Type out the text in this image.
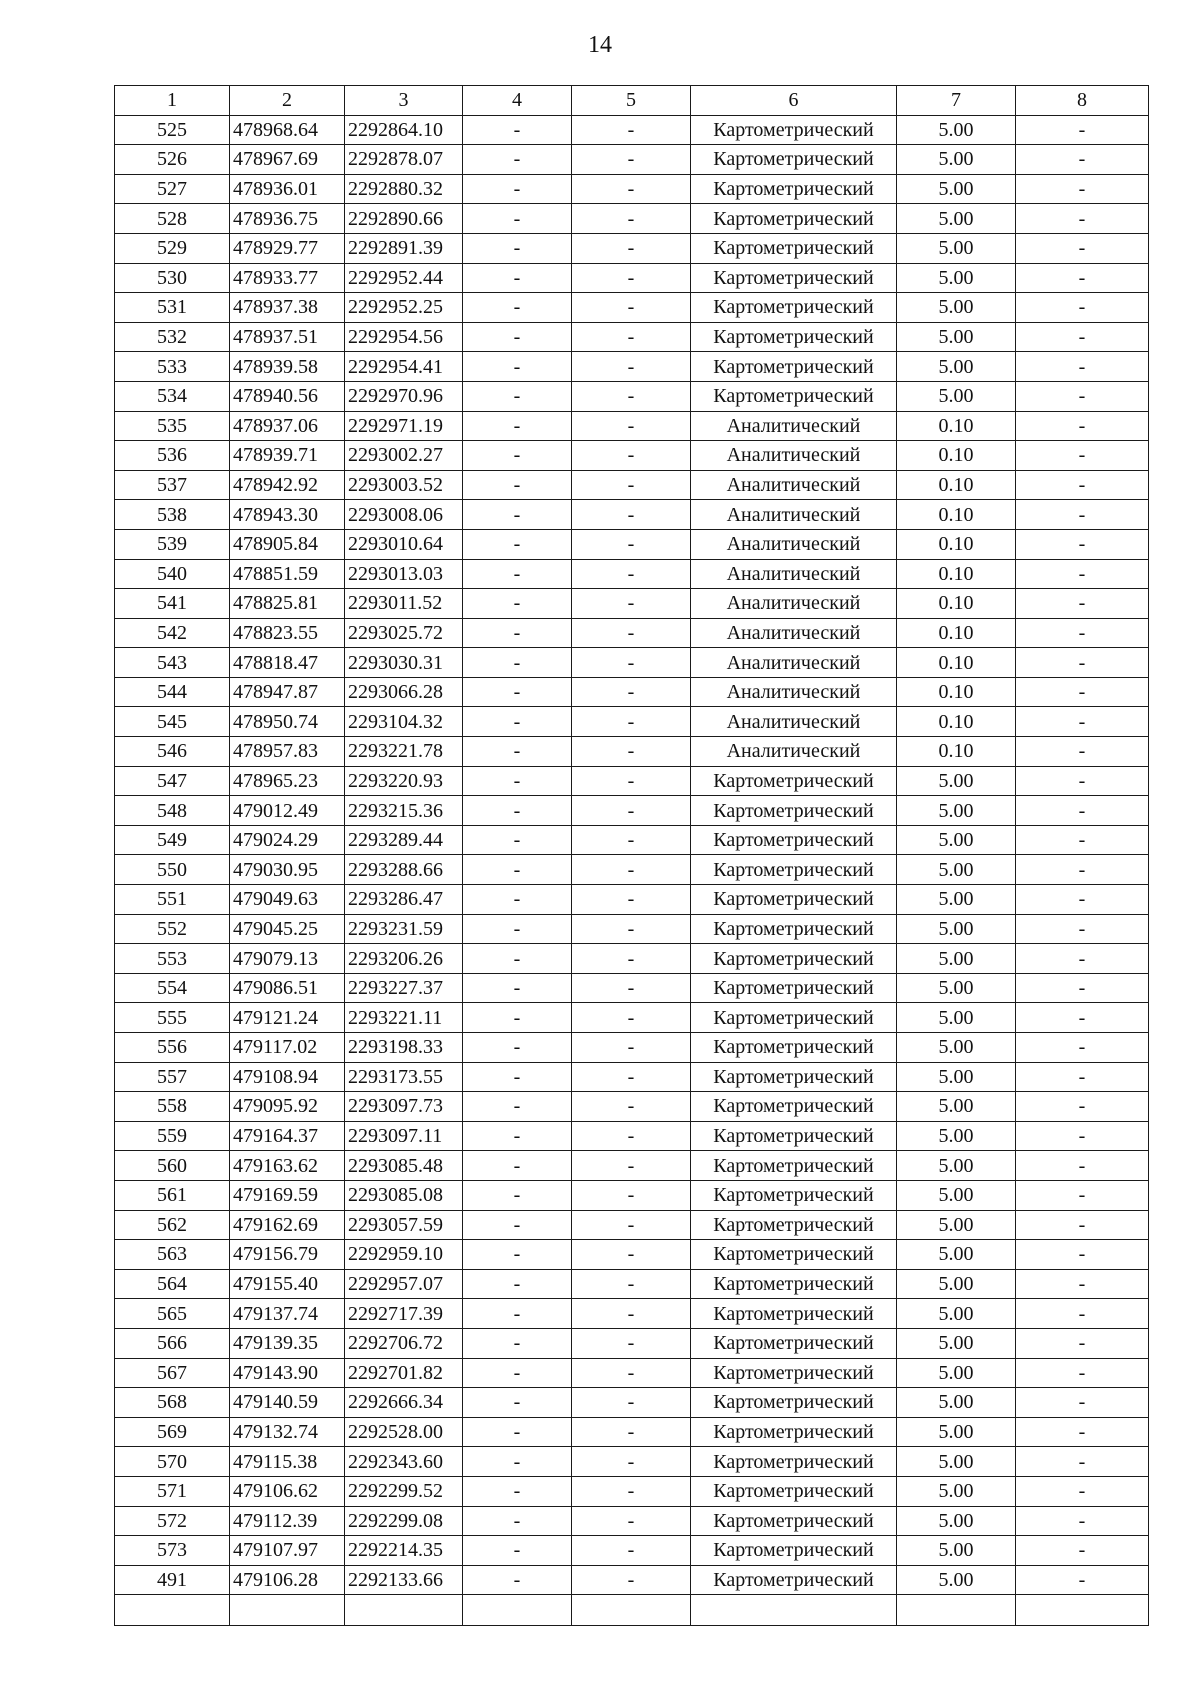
14
1	2	3	4	5	6	7	8
525	478968.64	2292864.10	-	-	Картометрический	5.00	-
526	478967.69	2292878.07	-	-	Картометрический	5.00	-
527	478936.01	2292880.32	-	-	Картометрический	5.00	-
528	478936.75	2292890.66	-	-	Картометрический	5.00	-
529	478929.77	2292891.39	-	-	Картометрический	5.00	-
530	478933.77	2292952.44	-	-	Картометрический	5.00	-
531	478937.38	2292952.25	-	-	Картометрический	5.00	-
532	478937.51	2292954.56	-	-	Картометрический	5.00	-
533	478939.58	2292954.41	-	-	Картометрический	5.00	-
534	478940.56	2292970.96	-	-	Картометрический	5.00	-
535	478937.06	2292971.19	-	-	Аналитический	0.10	-
536	478939.71	2293002.27	-	-	Аналитический	0.10	-
537	478942.92	2293003.52	-	-	Аналитический	0.10	-
538	478943.30	2293008.06	-	-	Аналитический	0.10	-
539	478905.84	2293010.64	-	-	Аналитический	0.10	-
540	478851.59	2293013.03	-	-	Аналитический	0.10	-
541	478825.81	2293011.52	-	-	Аналитический	0.10	-
542	478823.55	2293025.72	-	-	Аналитический	0.10	-
543	478818.47	2293030.31	-	-	Аналитический	0.10	-
544	478947.87	2293066.28	-	-	Аналитический	0.10	-
545	478950.74	2293104.32	-	-	Аналитический	0.10	-
546	478957.83	2293221.78	-	-	Аналитический	0.10	-
547	478965.23	2293220.93	-	-	Картометрический	5.00	-
548	479012.49	2293215.36	-	-	Картометрический	5.00	-
549	479024.29	2293289.44	-	-	Картометрический	5.00	-
550	479030.95	2293288.66	-	-	Картометрический	5.00	-
551	479049.63	2293286.47	-	-	Картометрический	5.00	-
552	479045.25	2293231.59	-	-	Картометрический	5.00	-
553	479079.13	2293206.26	-	-	Картометрический	5.00	-
554	479086.51	2293227.37	-	-	Картометрический	5.00	-
555	479121.24	2293221.11	-	-	Картометрический	5.00	-
556	479117.02	2293198.33	-	-	Картометрический	5.00	-
557	479108.94	2293173.55	-	-	Картометрический	5.00	-
558	479095.92	2293097.73	-	-	Картометрический	5.00	-
559	479164.37	2293097.11	-	-	Картометрический	5.00	-
560	479163.62	2293085.48	-	-	Картометрический	5.00	-
561	479169.59	2293085.08	-	-	Картометрический	5.00	-
562	479162.69	2293057.59	-	-	Картометрический	5.00	-
563	479156.79	2292959.10	-	-	Картометрический	5.00	-
564	479155.40	2292957.07	-	-	Картометрический	5.00	-
565	479137.74	2292717.39	-	-	Картометрический	5.00	-
566	479139.35	2292706.72	-	-	Картометрический	5.00	-
567	479143.90	2292701.82	-	-	Картометрический	5.00	-
568	479140.59	2292666.34	-	-	Картометрический	5.00	-
569	479132.74	2292528.00	-	-	Картометрический	5.00	-
570	479115.38	2292343.60	-	-	Картометрический	5.00	-
571	479106.62	2292299.52	-	-	Картометрический	5.00	-
572	479112.39	2292299.08	-	-	Картометрический	5.00	-
573	479107.97	2292214.35	-	-	Картометрический	5.00	-
491	479106.28	2292133.66	-	-	Картометрический	5.00	-
